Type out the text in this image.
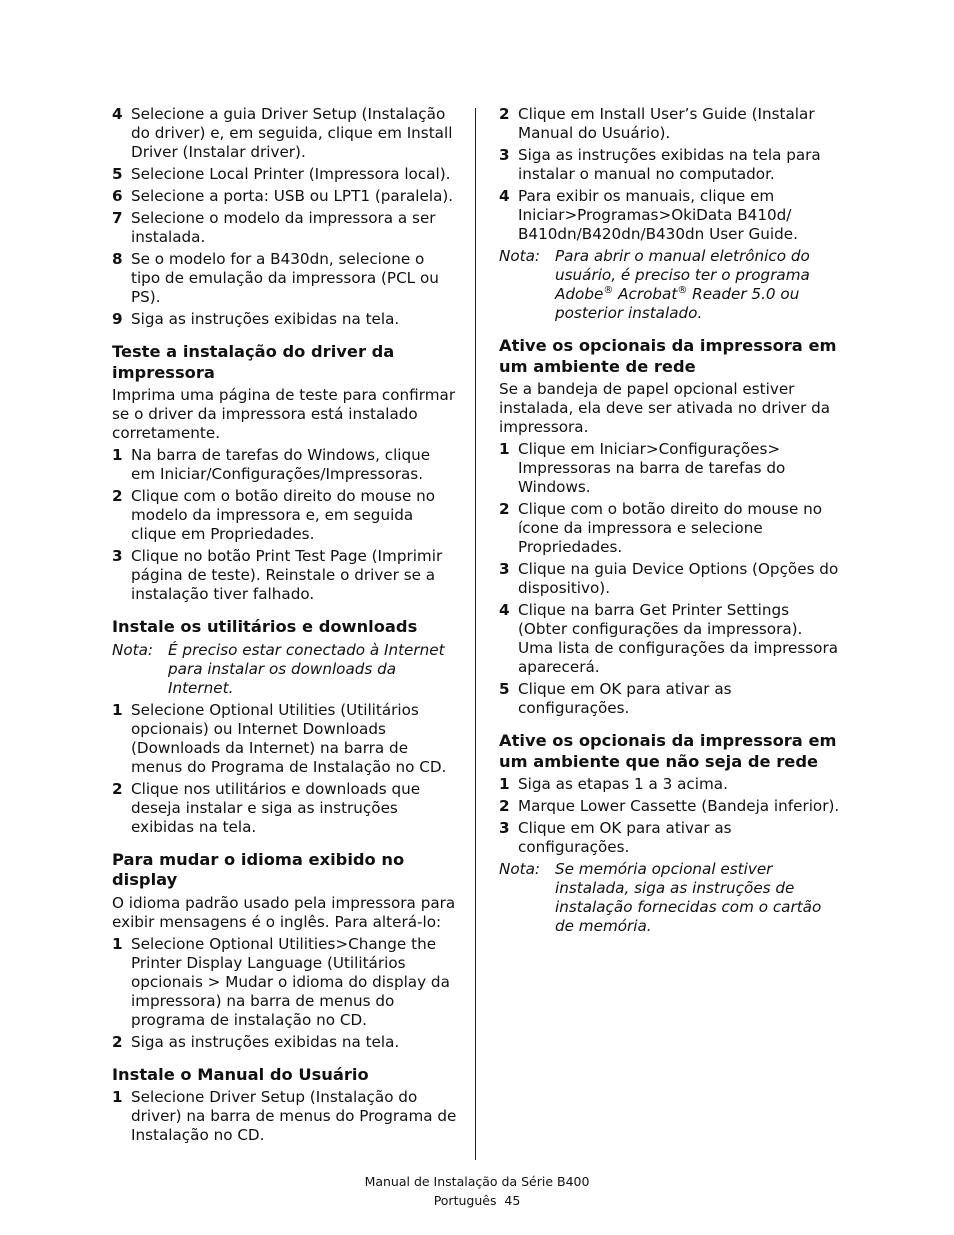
4 Selecione a guia Driver Setup (Instalação do driver) e, em seguida, clique em Install Driver (Instalar driver).
5 Selecione Local Printer (Impressora local).
6 Selecione a porta: USB ou LPT1 (paralela).
7 Selecione o modelo da impressora a ser instalada.
8 Se o modelo for a B430dn, selecione o tipo de emulação da impressora (PCL ou PS).
9 Siga as instruções exibidas na tela.
Teste a instalação do driver da impressora

Imprima uma página de teste para confirmar se o driver da impressora está instalado corretamente.

1 Na barra de tarefas do Windows, clique em Iniciar/Configurações/Impressoras.
2 Clique com o botão direito do mouse no modelo da impressora e, em seguida clique em Propriedades.
3 Clique no botão Print Test Page (Imprimir página de teste). Reinstale o driver se a instalação tiver falhado.
Instale os utilitários e downloads
Nota: É preciso estar conectado à Internet para instalar os downloads da Internet.
1 Selecione Optional Utilities (Utilitários opcionais) ou Internet Downloads (Downloads da Internet) na barra de menus do Programa de Instalação no CD.
2 Clique nos utilitários e downloads que deseja instalar e siga as instruções exibidas na tela.
Para mudar o idioma exibido no display

O idioma padrão usado pela impressora para exibir mensagens é o inglês. Para alterá-lo:

1 Selecione Optional Utilities>Change the Printer Display Language (Utilitários opcionais > Mudar o idioma do display da impressora) na barra de menus do programa de instalação no CD.
2 Siga as instruções exibidas na tela.
Instale o Manual do Usuário
1 Selecione Driver Setup (Instalação do driver) na barra de menus do Programa de Instalação no CD.
2 Clique em Install User’s Guide (Instalar Manual do Usuário).
3 Siga as instruções exibidas na tela para instalar o manual no computador.
4 Para exibir os manuais, clique em Iniciar>Programas>OkiData B410d/ B410dn/B420dn/B430dn User Guide.
Nota: Para abrir o manual eletrônico do usuário, é preciso ter o programa Adobe® Acrobat® Reader 5.0 ou posterior instalado.
Ative os opcionais da impressora em um ambiente de rede

Se a bandeja de papel opcional estiver instalada, ela deve ser ativada no driver da impressora.

1 Clique em Iniciar>Configurações> Impressoras na barra de tarefas do Windows.
2 Clique com o botão direito do mouse no ícone da impressora e selecione Propriedades.
3 Clique na guia Device Options (Opções do dispositivo).
4 Clique na barra Get Printer Settings (Obter configurações da impressora). Uma lista de configurações da impressora aparecerá.
5 Clique em OK para ativar as configurações.
Ative os opcionais da impressora em um ambiente que não seja de rede
1 Siga as etapas 1 a 3 acima.
2 Marque Lower Cassette (Bandeja inferior).
3 Clique em OK para ativar as configurações.
Nota: Se memória opcional estiver instalada, siga as instruções de instalação fornecidas com o cartão de memória.
Manual de Instalação da Série B400
Português  45
